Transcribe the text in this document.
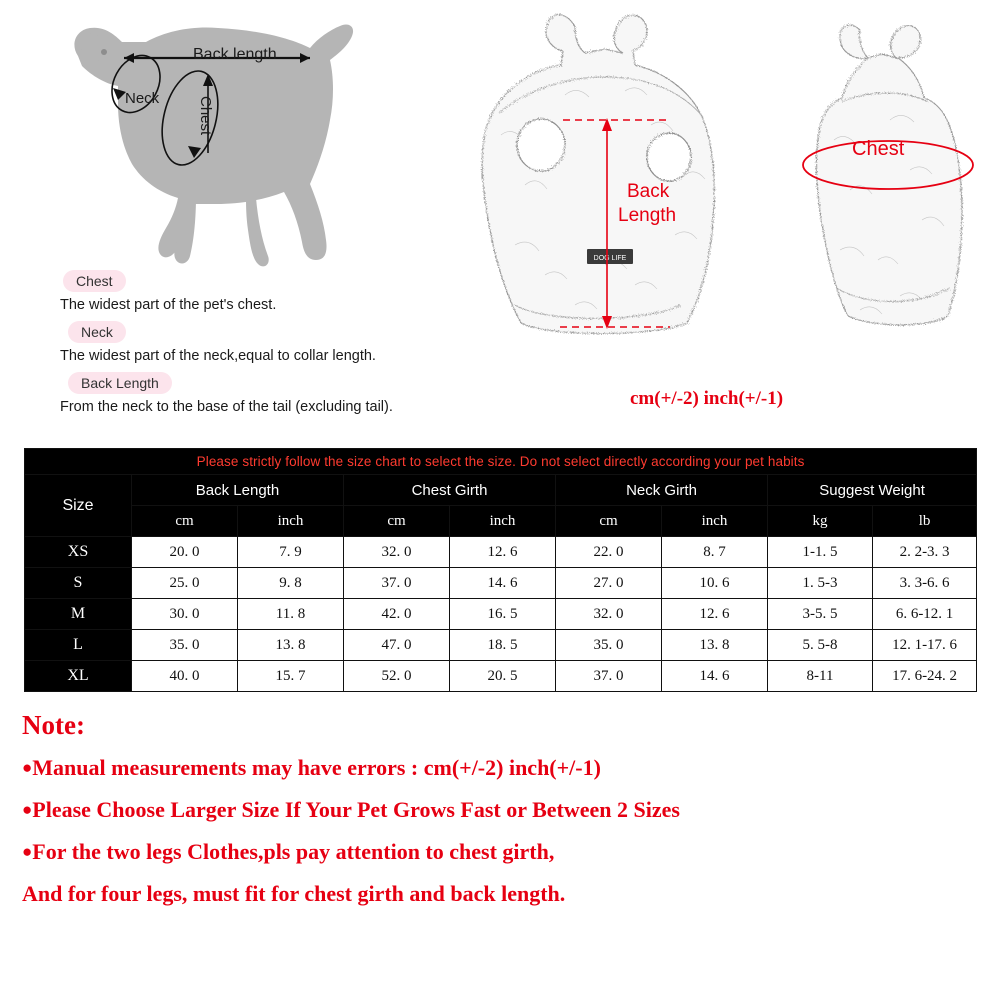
Back length
Neck	Chest
Chest
The widest part of the pet's chest.
Neck
The widest part of the neck,equal to collar length.
Back Length
From the neck to the base of the tail (excluding tail).
DOG LIFE
Back
Length
Chest
cm(+/-2) inch(+/-1)
Please strictly follow the size chart to select the size. Do not select directly according your pet habits								
Size	Back Length		Chest Girth		Neck Girth		Suggest Weight	
	cm	inch	cm	inch	cm	inch	kg	lb
XS	20. 0	7. 9	32. 0	12. 6	22. 0	8. 7	1-1. 5	2. 2-3. 3
S	25. 0	9. 8	37. 0	14. 6	27. 0	10. 6	1. 5-3	3. 3-6. 6
M	30. 0	11. 8	42. 0	16. 5	32. 0	12. 6	3-5. 5	6. 6-12. 1
L	35. 0	13. 8	47. 0	18. 5	35. 0	13. 8	5. 5-8	12. 1-17. 6
XL	40. 0	15. 7	52. 0	20. 5	37. 0	14. 6	8-11	17. 6-24. 2
Note:
●Manual measurements may have errors : cm(+/-2) inch(+/-1)
●Please Choose Larger Size If Your Pet Grows Fast or Between 2 Sizes
●For the two legs Clothes,pls pay attention to chest girth,
And for four legs, must fit for chest girth and back length.
